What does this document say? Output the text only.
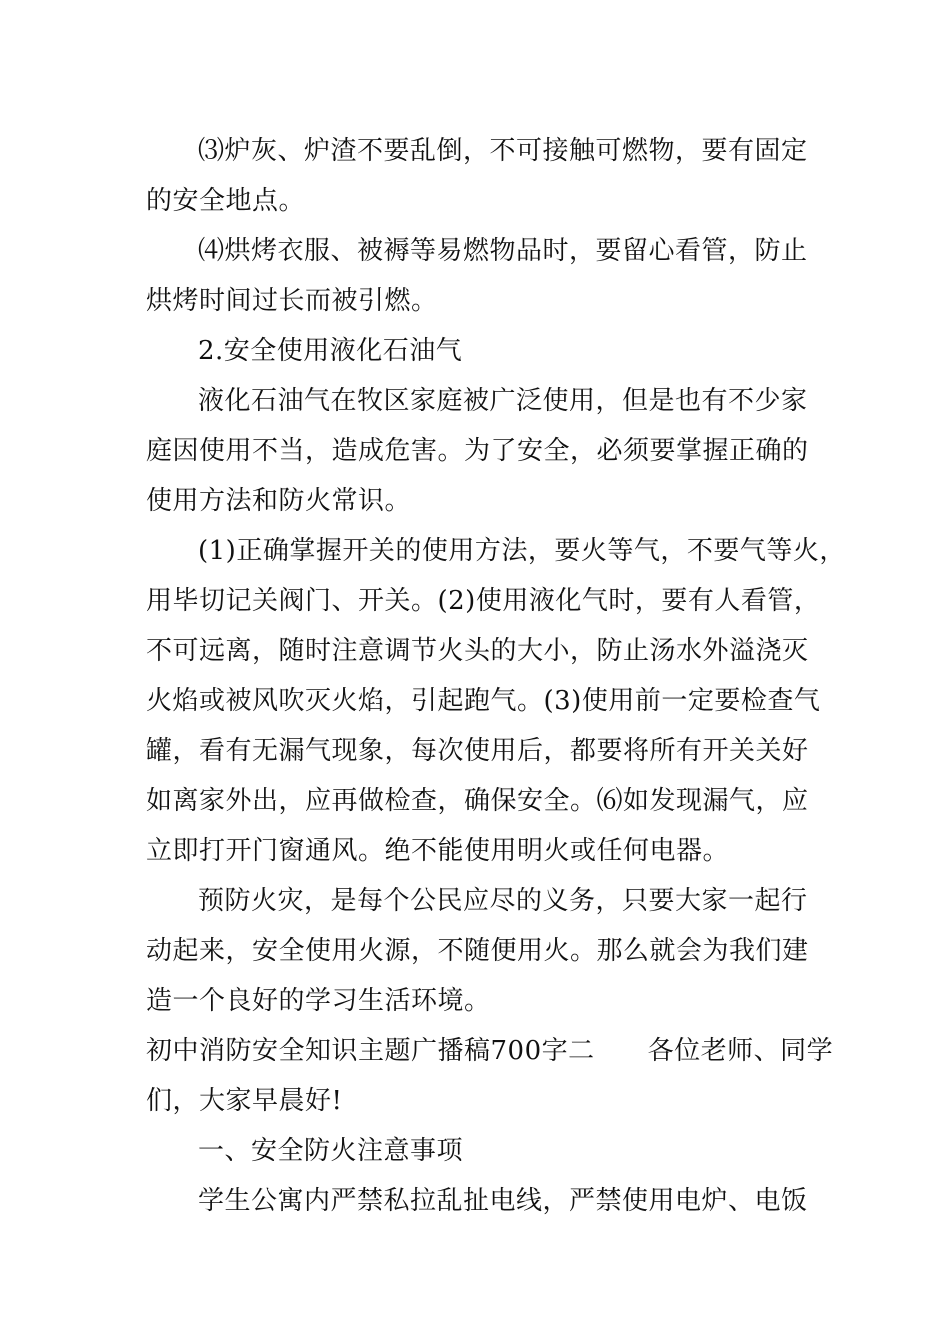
⑶炉灰、炉渣不要乱倒，不可接触可燃物，要有固定
的安全地点。
⑷烘烤衣服、被褥等易燃物品时，要留心看管，防止
烘烤时间过长而被引燃。
2.安全使用液化石油气
液化石油气在牧区家庭被广泛使用，但是也有不少家
庭因使用不当，造成危害。为了安全，必须要掌握正确的
使用方法和防火常识。
(1)正确掌握开关的使用方法，要火等气，不要气等火，
用毕切记关阀门、开关。(2)使用液化气时，要有人看管，
不可远离，随时注意调节火头的大小，防止汤水外溢浇灭
火焰或被风吹灭火焰，引起跑气。(3)使用前一定要检查气
罐，看有无漏气现象，每次使用后，都要将所有开关关好
如离家外出，应再做检查，确保安全。⑹如发现漏气，应
立即打开门窗通风。绝不能使用明火或任何电器。
预防火灾，是每个公民应尽的义务，只要大家一起行
动起来，安全使用火源，不随便用火。那么就会为我们建
造一个良好的学习生活环境。
初中消防安全知识主题广播稿700字二　　各位老师、同学
们，大家早晨好!
一、安全防火注意事项
学生公寓内严禁私拉乱扯电线，严禁使用电炉、电饭
